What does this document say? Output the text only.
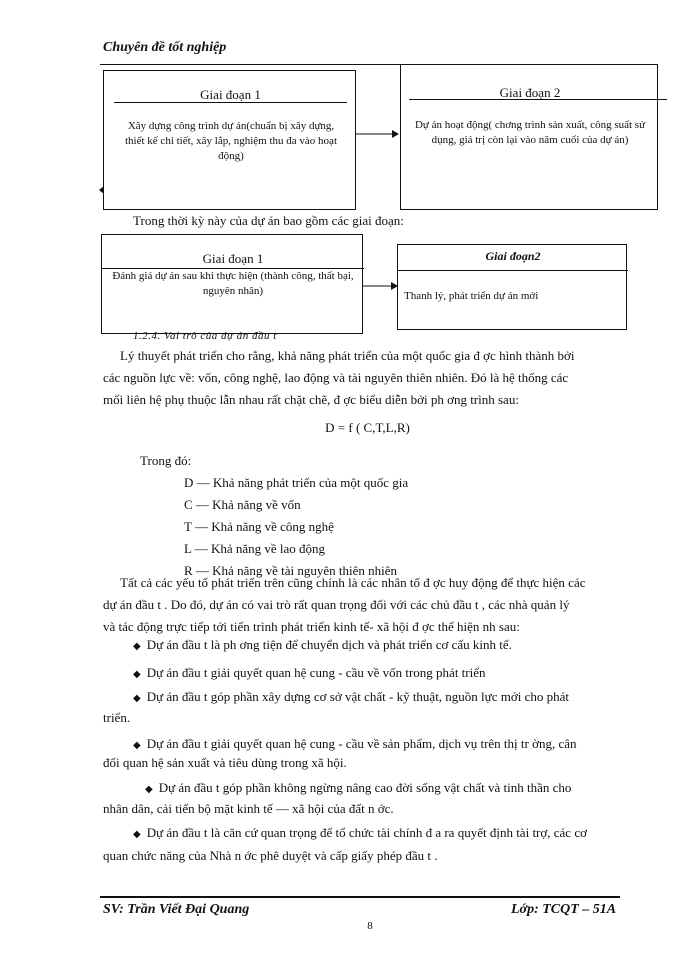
Chuyên đề tốt nghiệp
Giai đoạn 1
Xây dựng công trình dự án(chuẩn bị xây dựng, thiết kế chi tiết, xây lắp, nghiệm thu đa vào hoạt động)
Giai đoạn 2
Dự án hoạt động( chơng trình sản xuất, công suất sử dụng, giá trị còn lại vào năm cuối của dự án)
Trong thời kỳ này của dự án bao gồm các giai đoạn:
Giai đoạn 1
Đánh giá dự án sau khi thực hiện (thành công, thất bại, nguyên nhân)
Giai đoạn2
Thanh lý, phát triển dự án mới
1.2.4. Vai trò của dự án đầu t
Lý thuyết phát triển cho rằng, khả năng phát triển của một quốc gia đ ợc hình thành bởi
các nguồn lực về: vốn, công nghệ, lao động và tài nguyên thiên nhiên. Đó là hệ thống các
mối liên hệ phụ thuộc lẫn nhau rất chặt chẽ, đ ợc biểu diễn bởi ph ơng trình sau:
D = f ( C,T,L,R)
Trong đó:
D — Khả năng phát triển của một quốc gia
C — Khả năng về vốn
T — Khả năng về công nghệ
L — Khả năng về lao động
R — Khả năng về tài nguyên thiên nhiên
Tất cả các yếu tố phát triển trên cũng chính là các nhân tố đ ợc huy động để thực hiện các
dự án đầu t . Do đó, dự án có vai trò rất quan trọng đối với các chủ đầu t , các nhà quản lý
và tác động trực tiếp tới tiến trình phát triển kinh tế- xã hội đ ợc thể hiện nh sau:
◆ Dự án đầu t là ph ơng tiện để chuyển dịch và phát triển cơ cấu kinh tế.
◆ Dự án đầu t giải quyết quan hệ cung - cầu về vốn trong phát triển
◆ Dự án đầu t góp phần xây dựng cơ sở vật chất - kỹ thuật, nguồn lực mới cho phát
triển.
◆ Dự án đầu t giải quyết quan hệ cung - cầu về sản phẩm, dịch vụ trên thị tr ờng, cân
đối quan hệ sản xuất và tiêu dùng trong xã hội.
◆ Dự án đầu t góp phần không ngừng nâng cao đời sống vật chất và tinh thần cho
nhân dân, cải tiến bộ mặt kinh tế — xã hội của đất n ớc.
◆ Dự án đầu t là căn cứ quan trọng để tổ chức tài chính đ a ra quyết định tài trợ, các cơ
quan chức năng của Nhà n ớc phê duyệt và cấp giấy phép đầu t .
SV: Trần Viết Đại Quang	Lớp: TCQT – 51A
8
